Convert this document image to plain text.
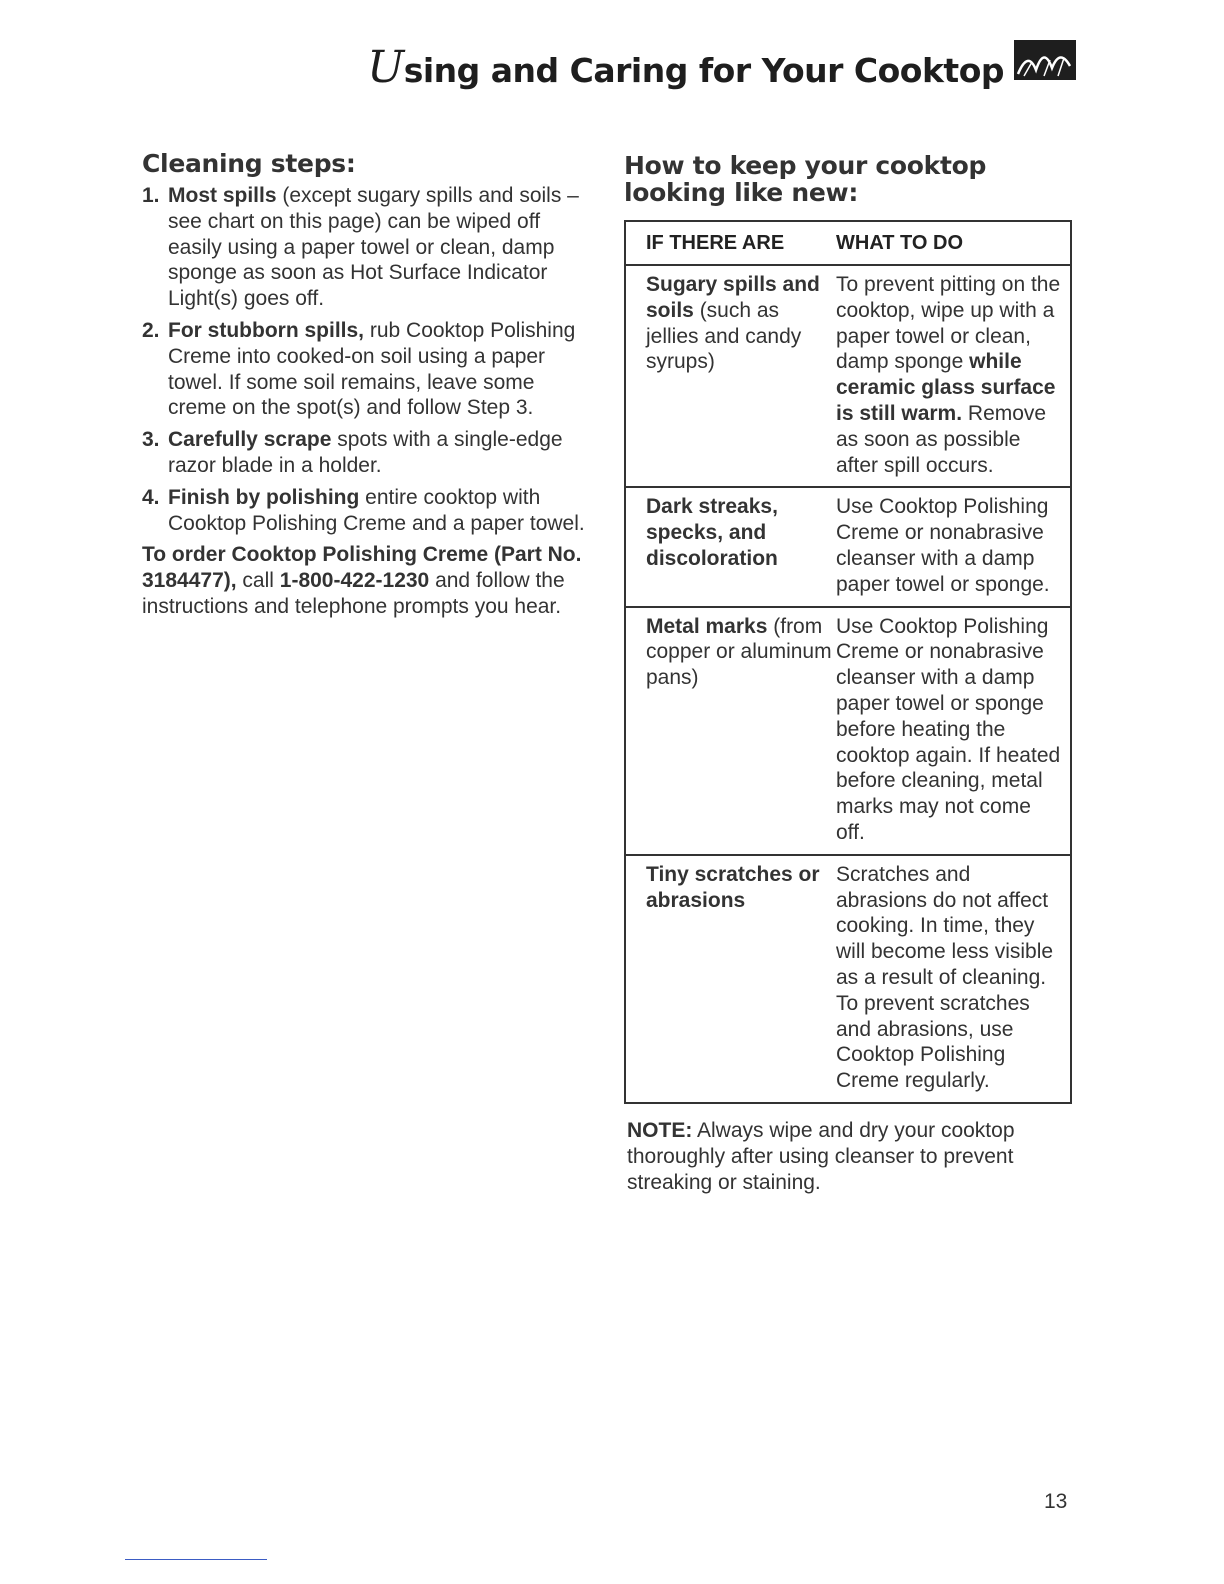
Using and Caring for Your Cooktop
Cleaning steps:
1. Most spills (except sugary spills and soils – see chart on this page) can be wiped off easily using a paper towel or clean, damp sponge as soon as Hot Surface Indicator Light(s) goes off.
2. For stubborn spills, rub Cooktop Polishing Creme into cooked-on soil using a paper towel. If some soil remains, leave some creme on the spot(s) and follow Step 3.
3. Carefully scrape spots with a single-edge razor blade in a holder.
4. Finish by polishing entire cooktop with Cooktop Polishing Creme and a paper towel.
To order Cooktop Polishing Creme (Part No. 3184477), call 1-800-422-1230 and follow the instructions and telephone prompts you hear.
How to keep your cooktop
looking like new:
IF THERE ARE	WHAT TO DO
Sugary spills and soils (such as jellies and candy syrups)
To prevent pitting on the cooktop, wipe up with a paper towel or clean, damp sponge while ceramic glass surface is still warm. Remove as soon as possible after spill occurs.
Dark streaks, specks, and discoloration
Use Cooktop Polishing Creme or nonabrasive cleanser with a damp paper towel or sponge.
Metal marks (from copper or aluminum pans)
Use Cooktop Polishing Creme or nonabrasive cleanser with a damp paper towel or sponge before heating the cooktop again. If heated before cleaning, metal marks may not come off.
Tiny scratches or abrasions
Scratches and abrasions do not affect cooking. In time, they will become less visible as a result of cleaning. To prevent scratches and abrasions, use Cooktop Polishing Creme regularly.
NOTE: Always wipe and dry your cooktop thoroughly after using cleanser to prevent streaking or staining.
13
